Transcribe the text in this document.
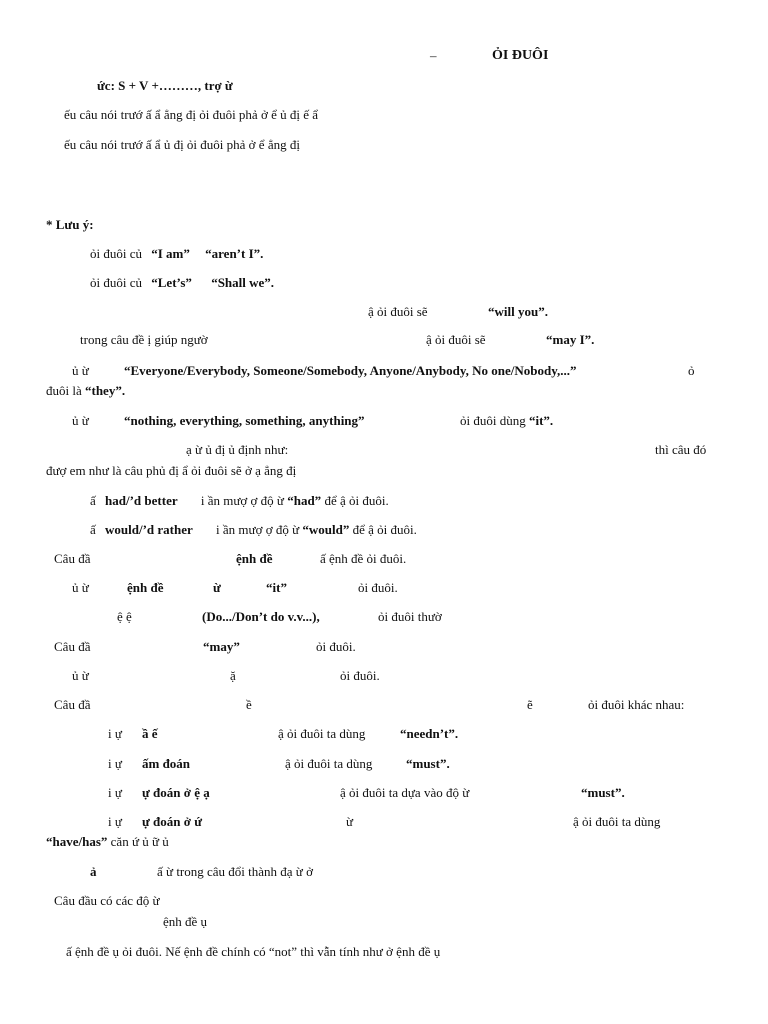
–	ỎI ĐUÔI
ức: S + V +………, trợ ừ
ếu câu nói trướ ấ ẩ ẳng đị ỏi đuôi phả ở ể ủ đị ế ẩ
ếu câu nói trướ ấ ẩ ủ đị ỏi đuôi phả ở ể ẳng đị
* Lưu ý:
ỏi đuôi củ “I am” “aren’t I”.
ỏi đuôi củ “Let’s” “Shall we”.
ậ ỏi đuôi sẽ	“will you”.
trong câu đề ị giúp ngườ	ậ ỏi đuôi sẽ	“may I”.
ủ ừ	“Everyone/Everybody, Someone/Somebody, Anyone/Anybody, No one/Nobody,...”	ỏ
đuôi là “they”.
ủ ừ	“nothing, everything, something, anything”	ỏi đuôi dùng “it”.
ạ ừ ủ đị ủ định như:	thì câu đó
đượ em như là câu phủ đị ẩ ỏi đuôi sẽ ở ạ ẳng đị
ấ had/’d better i ần mượ ợ độ ừ “had” để ậ ỏi đuôi.
ấ would/’d rather i ần mượ ợ độ ừ “would” để ậ ỏi đuôi.
Câu đầ	ệnh đề	ấ ệnh đề ỏi đuôi.
ủ ừ	ệnh đề	ừ	“it”	ỏi đuôi.
ệ ệ	(Do.../Don’t do v.v...),	ỏi đuôi thườ
Câu đầ	“may”	ỏi đuôi.
ủ ừ	ặ	ỏi đuôi.
Câu đầ	ề	ẽ	ỏi đuôi khác nhau:
i ự ầ ế	ậ ỏi đuôi ta dùng	“needn’t”.
i ự ấm đoán	ậ ỏi đuôi ta dùng	“must”.
i ự ự đoán ở ệ ạ	ậ ỏi đuôi ta dựa vào độ ừ	“must”.
i ự ự đoán ở ứ	ừ	ậ ỏi đuôi ta dùng
“have/has” căn ứ ủ ữ ủ
ả	ấ ừ trong câu đổi thành đạ ừ ở
Câu đầu có các độ ừ
ệnh đề ụ
ấ ệnh đề ụ ỏi đuôi. Nế ệnh đề chính có “not” thì vẫn tính như ở ệnh đề ụ
